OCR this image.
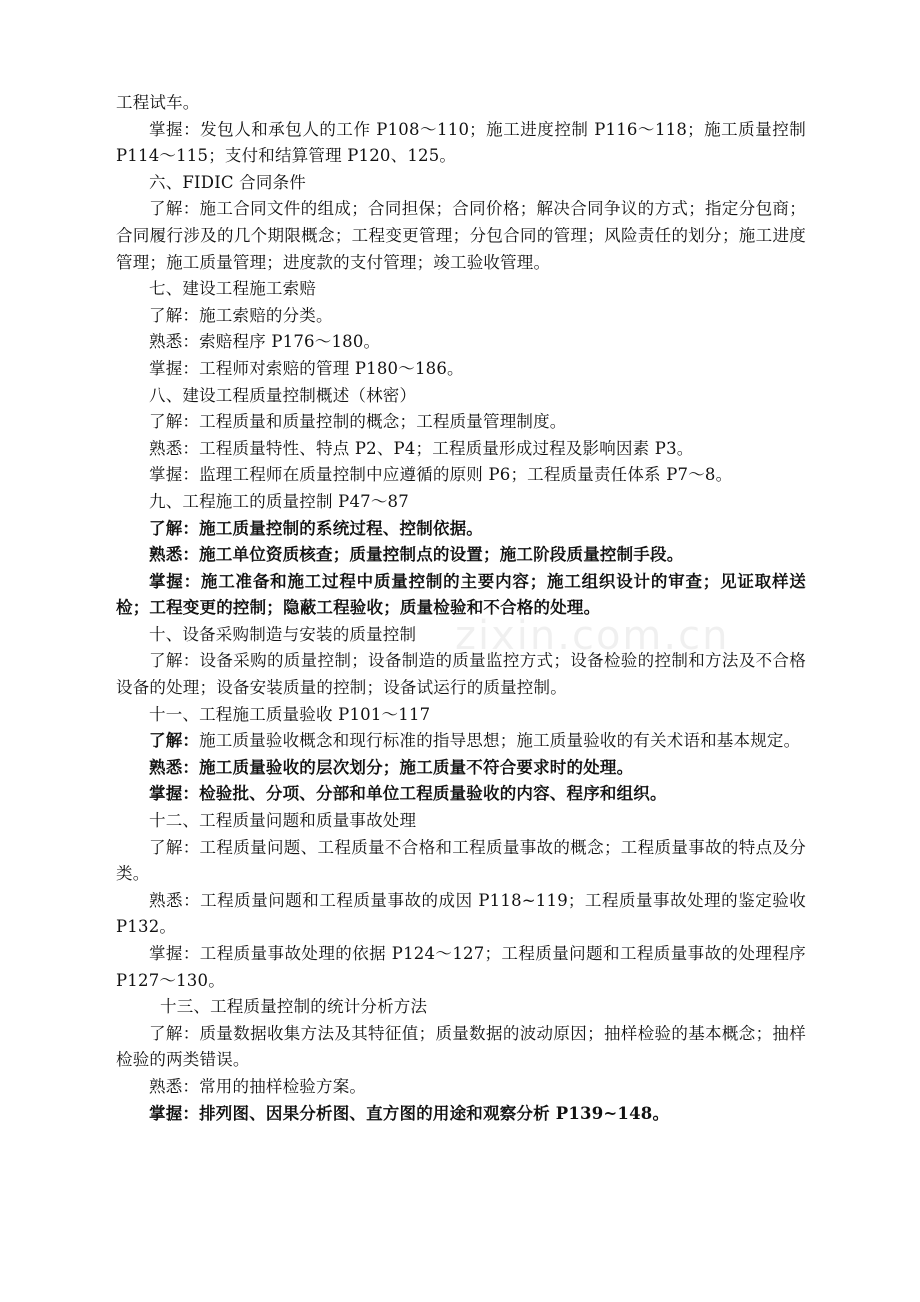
工程试车。

掌握：发包人和承包人的工作 P108～110；施工进度控制 P116～118；施工质量控制 P114～115；支付和结算管理 P120、125。

六、FIDIC 合同条件

了解：施工合同文件的组成；合同担保；合同价格；解决合同争议的方式；指定分包商；合同履行涉及的几个期限概念；工程变更管理；分包合同的管理；风险责任的划分；施工进度管理；施工质量管理；进度款的支付管理；竣工验收管理。

七、建设工程施工索赔

了解：施工索赔的分类。

熟悉：索赔程序 P176～180。

掌握：工程师对索赔的管理 P180～186。

八、建设工程质量控制概述（林密）

了解：工程质量和质量控制的概念；工程质量管理制度。

熟悉：工程质量特性、特点 P2、P4；工程质量形成过程及影响因素 P3。

掌握：监理工程师在质量控制中应遵循的原则 P6；工程质量责任体系 P7～8。

九、工程施工的质量控制 P47～87

了解：施工质量控制的系统过程、控制依据。

熟悉：施工单位资质核查；质量控制点的设置；施工阶段质量控制手段。

掌握：施工准备和施工过程中质量控制的主要内容；施工组织设计的审查；见证取样送检；工程变更的控制；隐蔽工程验收；质量检验和不合格的处理。

十、设备采购制造与安装的质量控制

了解：设备采购的质量控制；设备制造的质量监控方式；设备检验的控制和方法及不合格设备的处理；设备安装质量的控制；设备试运行的质量控制。

十一、工程施工质量验收 P101～117

了解：施工质量验收概念和现行标准的指导思想；施工质量验收的有关术语和基本规定。

熟悉：施工质量验收的层次划分；施工质量不符合要求时的处理。

掌握：检验批、分项、分部和单位工程质量验收的内容、程序和组织。

十二、工程质量问题和质量事故处理

了解：工程质量问题、工程质量不合格和工程质量事故的概念；工程质量事故的特点及分类。

熟悉：工程质量问题和工程质量事故的成因 P118~119；工程质量事故处理的鉴定验收 P132。

掌握：工程质量事故处理的依据 P124～127；工程质量问题和工程质量事故的处理程序 P127～130。

十三、工程质量控制的统计分析方法

了解：质量数据收集方法及其特征值；质量数据的波动原因；抽样检验的基本概念；抽样检验的两类错误。

熟悉：常用的抽样检验方案。

掌握：排列图、因果分析图、直方图的用途和观察分析 P139~148。

zixin.com.cn
